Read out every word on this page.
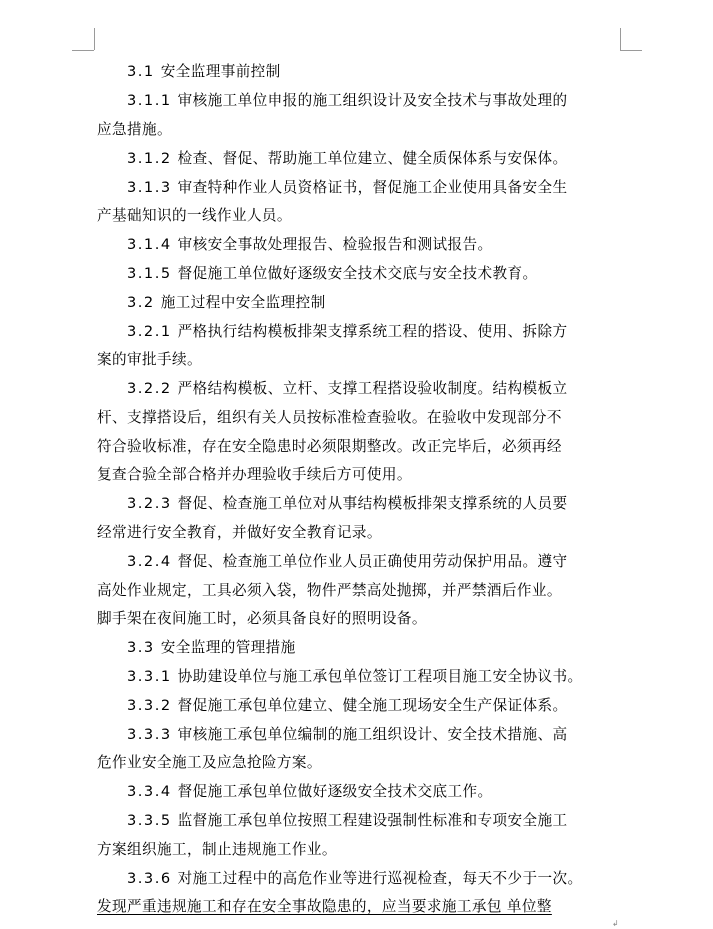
3.1 安全监理事前控制
3.1.1 审核施工单位申报的施工组织设计及安全技术与事故处理的
应急措施。
3.1.2 检查、督促、帮助施工单位建立、健全质保体系与安保体。
3.1.3 审查特种作业人员资格证书，督促施工企业使用具备安全生
产基础知识的一线作业人员。
3.1.4 审核安全事故处理报告、检验报告和测试报告。
3.1.5 督促施工单位做好逐级安全技术交底与安全技术教育。
3.2 施工过程中安全监理控制
3.2.1 严格执行结构模板排架支撑系统工程的搭设、使用、拆除方
案的审批手续。
3.2.2 严格结构模板、立杆、支撑工程搭设验收制度。结构模板立
杆、支撑搭设后，组织有关人员按标准检查验收。在验收中发现部分不
符合验收标准，存在安全隐患时必须限期整改。改正完毕后，必须再经
复查合验全部合格并办理验收手续后方可使用。
3.2.3 督促、检查施工单位对从事结构模板排架支撑系统的人员要
经常进行安全教育，并做好安全教育记录。
3.2.4 督促、检查施工单位作业人员正确使用劳动保护用品。遵守
高处作业规定，工具必须入袋，物件严禁高处抛掷，并严禁酒后作业。
脚手架在夜间施工时，必须具备良好的照明设备。
3.3 安全监理的管理措施
3.3.1 协助建设单位与施工承包单位签订工程项目施工安全协议书。
3.3.2 督促施工承包单位建立、健全施工现场安全生产保证体系。
3.3.3 审核施工承包单位编制的施工组织设计、安全技术措施、高
危作业安全施工及应急抢险方案。
3.3.4 督促施工承包单位做好逐级安全技术交底工作。
3.3.5 监督施工承包单位按照工程建设强制性标准和专项安全施工
方案组织施工，制止违规施工作业。
3.3.6 对施工过程中的高危作业等进行巡视检查，每天不少于一次。
发现严重违规施工和存在安全事故隐患的，应当要求施工承包 单位整
↲
